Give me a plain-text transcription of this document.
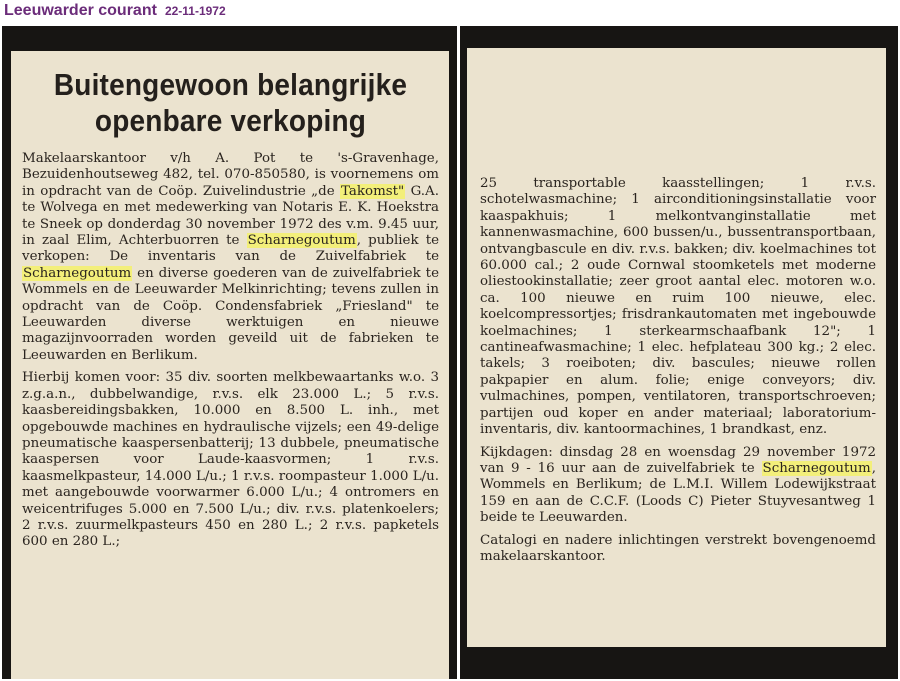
Leeuwarder courant 22-11-1972
Buitengewoon belangrijke
openbare verkoping

Makelaarskantoor v/h A. Pot te 's-Gravenhage, Bezuidenhoutseweg 482, tel. 070-850580, is voornemens om in opdracht van de Coöp. Zuivelindustrie „de Takomst" G.A. te Wolvega en met medewerking van Notaris E. K. Hoekstra te Sneek op donderdag 30 november 1972 des v.m. 9.45 uur, in zaal Elim, Achterbuorren te Scharnegoutum, publiek te verkopen: De inventaris van de Zuivelfabriek te Scharnegoutum en diverse goederen van de zuivelfabriek te Wommels en de Leeuwarder Melkinrichting; tevens zullen in opdracht van de Coöp. Condensfabriek „Friesland" te Leeuwarden diverse werktuigen en nieuwe magazijnvoorraden worden geveild uit de fabrieken te Leeuwarden en Berlikum.

Hierbij komen voor: 35 div. soorten melkbewaartanks w.o. 3 z.g.a.n., dubbelwandige, r.v.s. elk 23.000 L.; 5 r.v.s. kaasbereidingsbakken, 10.000 en 8.500 L. inh., met opgebouwde machines en hydraulische vijzels; een 49-delige pneumatische kaaspersenbatterij; 13 dubbele, pneumatische kaaspersen voor Laude-kaasvormen; 1 r.v.s. kaasmelkpasteur, 14.000 L/u.; 1 r.v.s. roompasteur 1.000 L/u. met aangebouwde voorwarmer 6.000 L/u.; 4 ontromers en weicentrifuges 5.000 en 7.500 L/u.; div. r.v.s. platenkoelers; 2 r.v.s. zuurmelkpasteurs 450 en 280 L.; 2 r.v.s. papketels 600 en 280 L.;

25 transportable kaasstellingen; 1 r.v.s. schotelwasmachine; 1 airconditioningsinstallatie voor kaaspakhuis; 1 melkontvanginstallatie met kannenwasmachine, 600 bussen/u., bussentransportbaan, ontvangbascule en div. r.v.s. bakken; div. koelmachines tot 60.000 cal.; 2 oude Cornwal stoomketels met moderne oliestookinstallatie; zeer groot aantal elec. motoren w.o. ca. 100 nieuwe en ruim 100 nieuwe, elec. koelcompressortjes; frisdrankautomaten met ingebouwde koelmachines; 1 sterkearmschaafbank 12"; 1 cantineafwasmachine; 1 elec. hefplateau 300 kg.; 2 elec. takels; 3 roeiboten; div. bascules; nieuwe rollen pakpapier en alum. folie; enige conveyors; div. vulmachines, pompen, ventilatoren, transportschroeven; partijen oud koper en ander materiaal; laboratorium-inventaris, div. kantoormachines, 1 brandkast, enz.

Kijkdagen: dinsdag 28 en woensdag 29 november 1972 van 9 - 16 uur aan de zuivelfabriek te Scharnegoutum, Wommels en Berlikum; de L.M.I. Willem Lodewijkstraat 159 en aan de C.C.F. (Loods C) Pieter Stuyvesantweg 1 beide te Leeuwarden.

Catalogi en nadere inlichtingen verstrekt bovengenoemd makelaarskantoor.
